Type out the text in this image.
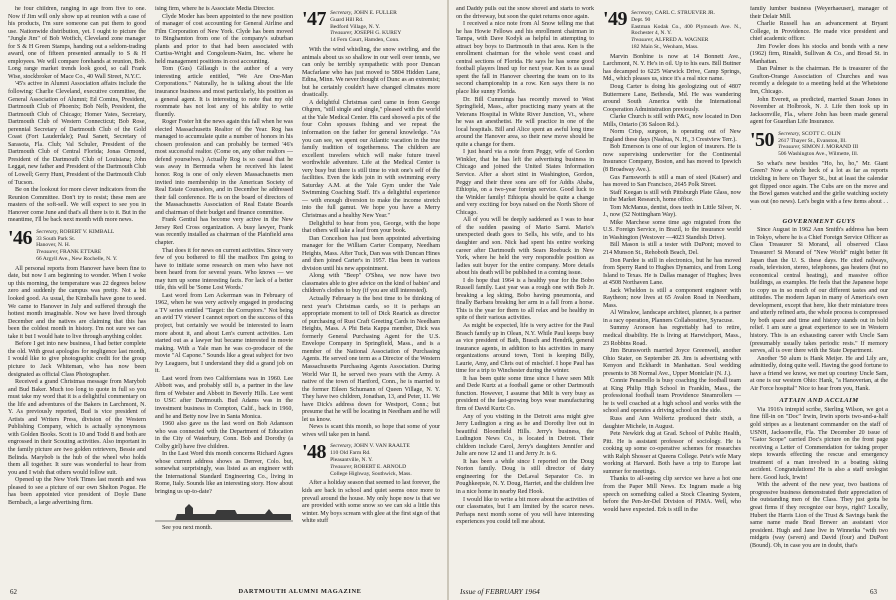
he four children, ranging in age from five to one. Now if Jim will only show up at reunion with a case of his products, I'm sure someone can put them to good use. Nationwide distribution, yet. I ought to picture the "Jungle Jim" of Bob Wotfich, Cleveland zone manager for S & H Green Stamps, handing out a seldom-trading award, one of fifteen presented annually to S & H employees. We will compare forehands at reunion, Bob. Long range market trends look good, so call Frank Wise, stockbroker of Mace Co., 40 Wall Street, N.Y.C.

'45's active in Alumni Association affairs include the following: Charlie Cleveland, executive committee, the General Association of Alumni; Ed Comins, President, Dartmouth Club of Phoenix; Bob Nelb, President, the Dartmouth Club of Chicago; Homer Yates, Secretary, Dartmouth Club of Western Connecticut; Bob Rose, perennial Secretary of Dartmouth Club of the Gold Coast (Fort Lauderdale); Paul Sanett, Secretary of Sarasota, Fla. Club; Val Schuler, President of the Dartmouth Club of Central Florida; Jonas Ormond, President of the Dartmouth Club of Louisiana; John Leggat, new father and President of the Dartmouth Club of Lowell; Gerry Hunt, President of the Dartmouth Club of Tucson.

Be on the lookout for more clever indicators from the Reunion Committee. Don't try to resist; these men are masters of the soft-sell. We will expect to see you in Hanover come June and that's all there is to it. But in the meantime, I'll be back next month with more news.

'46 Secretary, ROBERT V. KIMBALL
33 South Park St.
Hanover, N. H.
Treasurer, FRANK ETTARE
66 Argyll Ave., New Rochelle, N. Y.

All personal reports from Hanover have been fine to date, but now I am beginning to wonder. When I woke up this morning, the temperature was 22 degrees below zero and suddenly the campus was pretty. Not a bit looked good. As usual, the Kimballs have gone to seed. We came to Hanover in July and suffered through the hottest month imaginable. Now we have lived through December and the natives are claiming that this has been the coldest month in history. I'm not sure we can take it but I would hate to live through anything colder.

Before I get into new business, I had better complete the old. With great apologies for negligence last month, I would like to give photographic credit for the group picture to Jack Whiteman, who has now been designated as official Class Photographer.

Received a grand Christmas message from Marybob and Bud Baker. Much too long to quote in full so you must take my word that it is a delightful commentary on the life and adventures of the Bakers in Larchmont, N. Y. As previously reported, Bud is vice president of Artists and Writers Press, division of the Western Publishing Company, which is actually synonymous with Golden Books. Scott is 10 and Todd 8 and both are engrossed in their Scouting activities. Also important in the family picture are two golden retrievers, Bessie and Belinda. Marybob is the hub of the wheel who holds them all together. It sure was wonderful to hear from you and I wish that others would follow suit.

Opened up the New York Times last month and was pleased to see a picture of our own Shelton Pogue. He has been appointed vice president of Doyle Dane Bernbach, a large advertising firm.

ising firm, where he is Associate Media Director.

Clyde Moder has been appointed to the new position of manager of cost accounting for General Airline and Film Corporation of New York. Clyde has been moved to Binghamton from one of the company's suburban plants and prior to that had been associated with Curtiss-Wright and Congoleum-Nairn, Inc. where he held management positions in cost accounting.

Tom (Gus) Gillaugh is the author of a very interesting article entitled, "We Are One-Man Corporations." Naturally, he is talking about the life insurance business and most particularly, his position as a general agent. It is interesting to note that my old roommate has not lost any of his ability to write fluently.

Roger Foster hit the news again this fall when he was elected Massachusetts Realtor of the Year. Rog has managed to accumulate quite a number of honors in his chosen profession and can probably be termed '46's most successful realtor. (Come on, any other realtors — defend yourselves.) Actually Rog is so casual that he was away in Bermuda when he received his latest honor. Rog is one of only eleven Massachusetts men invited into membership in the American Society of Real Estate Counselors, and in December he addressed their fall conference. He is on the board of directors of the Massachusetts Association of Real Estate Boards and chairman of their budget and finance committee.

Frank Gentiul has become very active in the New Jersey Red Cross organization. A busy lawyer, Frank was recently installed as chairman of the Plainfield area chapter.

That does it for news on current activities. Since very few of you bothered to fill the mailbox I'm going to have to initiate some research on men who have not been heard from for several years. Who knows — we may turn up some interesting facts. For lack of a better title, this will be 'Some Lost Words.'

Last word from Len Ackerman was in February of 1962, when he was very actively engaged in producing a TV series entitled "Target: the Corruptors." Not being an avid TV viewer I cannot report on the success of this project, but certainly we would be interested to learn more about it, and about Len's current activities. Len started out as a lawyer but became interested in movie making. With a Yale man he was co-producer of the movie "Al Capone." Sounds like a great subject for two Ivy Leaguers, but I understand they did a grand job on it.

Last word from two Californians was in 1960. Lee Abbott was, and probably still is, a partner in the law firm of Webster and Abbott in Beverly Hills. Lee went to USC after Dartmouth. Bud Adams was in the investment business in Compton, Calif., back in 1960, and he and Betty now live in Santa Monica.

1960 also gave us the last word on Bob Adamson who was connected with the Department of Education in the City of Waterbury, Conn. Bob and Dorothy (a Colby girl) have five children.

In the Last Word this month concerns Richard Agnes whose current address shows as Denver, Colo. but, somewhat surprisingly, was listed as an engineer with the International Standard Engineering Co., living in Rome, Italy. Sounds like an interesting story. How about bringing us up-to-date?

See you next month.

'47 Secretary, JOHN E. FULLER
Guard Hill Rd.
Bedford Village, N. Y.
Treasurer, JOSEPH G. KUREY
14 Fern Court, Hamden, Conn.

With the wind whistling, the snow swirling, and the animals about us so shallow in our well over tennis, we can only be terribly sympathetic with poor Duncan Macfarlane who has just moved to 5804 Hidden Lane, Edina, Minn. We never thought of Dunc as an extremist; but he certainly couldn't have changed climates more drastically.

A delightful Christmas card came in from George Ohgren, "still single and single," pleased with the world at the Yale Medical Center. His card showed a pix of the four Cohn spouses fishing and we repeat the information on the father for general knowledge. "As you can see, we spent our Atlantic vacation in the true family tradition of togetherness. The children are excellent travelers which will make future travel worthwhile adventure. Life at the Medical Center is very busy but there is still time to visit one's self of the facilities. Even the kids join in with swimming every Saturday A.M. at the Yale Gym under the Yale Swimming Coaching Staff. It's a delightful experience — with enough diversion to make the income stretch into the full gamut. We hope you have a Merry Christmas and a healthy New Year."

Delightful to hear from you, George, with the hope that others will take a leaf from your book.

Dan Concelson has just been appointed advertising manager for the William Carter Company, Needham Heights, Mass. After Tuck, Dan was with Duncan Hines and then joined Carter's in 1957. Has been in various division until his new appointment.

Along with "Beep" O'Shea, we now have two classmates able to give advice on the kind of babies' and children's clothes to buy (if you are still interested).

Actually February is the best time to be thinking of next year's Christmas cards, so it is perhaps an appropriate moment to tell of Dick Rearick as director of purchasing of Rust Craft Greeting Cards in Needham Heights, Mass. A Phi Beta Kappa member, Dick was formerly General Purchasing Agent for the U.S. Envelope Company in Springfield, Mass., and is a member of the National Association of Purchasing Agents. He served one term as a Director of the Western Massachusetts Purchasing Agents Association. During World War II, he served two years with the Army. A native of the town of Hartford, Conn., he is married to the former Eileen Schumann of Queen Village, N. Y. They have two children, Jonathan, 13, and Peter, 11. We have Dick's address down for Westport, Conn.; but presume that he will be locating in Needham and he will let us know.

News is scant this month, so hope that some of your wives will take pen in hand.

'48 Secretary, JOHN V. VAN RAALTE
110 Old Farm Rd.
Pleasantville, N. Y.
Treasurer, ROBERT E. ARNOLD
College Highway, Southwick, Mass.

After a holiday season that seemed to last forever, the kids are back in school and quiet seems once more to prevail around the house. My only hope now is that we are provided with some snow so we can ski a little this winter. My boys scream with glee at the first sign of that white stuff

62	DARTMOUTH ALUMNI MAGAZINE

and Daddy pulls out the snow shovel and starts to work on the driveway, but soon the quiet returns once again.

I received a nice note from Al Snow telling me that he has Howie Fellows and his enrollment chairman in Tampa, with Dave Kodyk as helpful in attempting to attract boy boys to Dartmouth in that area. Ken is the enrollment chairman for the whole west coast and central sections of Florida. He says he has some good football players lined up for next year. Ken is as usual spent the fall in Hanover cheering the team on to its second championship in a row. Ken says there is no place like sunny Florida.

Dr. Bill Cummings has recently moved to West Springfield, Mass., after practicing many years at the Veterans Hospital in White River Junction, Vt., where he was an anesthetist. He will practice in one of the local hospitals. Bill and Alice spent an awful long time around the Hanover area, so their new move should be quite a change for them.

I just heard via a note from Peggy, wife of Gordon Winkler, that he has left the advertising business in Chicago and joined the United States Information Service. After a short stint in Washington, Gordon, Peggy and their three sons are off for Addis Ababa, Ethiopia, on a two-year foreign service. Good luck to the Winkler family! Ethiopia should be quite a change and very exciting for boys raised on the North Shore of Chicago.

All of you will be deeply saddened as I was to hear of the sudden passing of Mario Sarni. Mario's unexpected death goes to Sells, his wife, and to his daughter and son. Nick had spent his entire working career after Dartmouth with Sears Roebuck in New York, where he held the very responsible position as ladies suit buyer for the entire company. More details about his death will be published in a coming issue.

I do hope that 1964 is a healthy year for the Bobo Russell family. Last year was a rough one with Bob Jr. breaking a leg skiing, Bobo having pneumonia, and finally Barbara breaking her arm in a fall from a horse. This is the year for them to all relax and be healthy in spite of their various activities.

As might be expected, life is very active for the Paul Brasch family up in Olean, N.Y. While Paul keeps busy as vice president of Bath, Brasch and Hendrik, general insurance agents, in addition to his activities in many organizations around town, Toni is keeping Billy, Laurie, Amy, and Chris out of mischief. I hope Paul has time for a trip to Winchester during the winter.

It has been quite some time since I have seen Milt and Dede Kurtz at a football game or other Dartmouth function. However, I assume that Milt is very busy as president of the fast-growing boys wear manufacturing firm of David Kurtz Co.

Any of you visiting in the Detroit area might give Jerry Ludington a ring as he and Dorothy live out in beautiful Bloomfield Hills. Jerry's business, the Ludington News Co., is located in Detroit. Their children include Carol, Jerry's daughters Jennifer and Julie are now 12 and 11 and Jerry Jr. is 6.

It has been a while since I reported on the Doug Norton family. Doug is still director of dairy engineering for the DeLaval Separator Co. in Poughkeepsie, N. Y. Doug, Harriet, and the children live in a nice home in nearby Red Hook.

I would like to write a bit more about the activities of our classmates, but I am limited by the scarce news. Perhaps next month some of you will have interesting experiences you could tell me about.

'49 Secretary, CARL C. STRUEVER JR.
Dept. 90
Eastman Kodak Co., 400 Plymouth Ave. N., Rochester 4, N. Y.
Treasurer, ALFRED A. WAGNER
182 Main St., Wenham, Mass.

Marvin Bonbine is now at 14 Bonnett Ave., Larchmont, N. Y. He's in oil. Up to his ears. Bill Buttner has decamped to 6225 Warwick Drive, Camp Springs, Md., which pleases us, since it's a real nice name.

Doug Carter is doing his geologizing out of 4807 Buttermere Lane, Bethesda, Md. He was wandering around South America with the International Cooperation Administration previously.

Clarke Church is still with P&G, now located in Don Mills, Ontario (36 Saloon Rd.).

Norm Crisp, surgeon, is operating out of New England these days (Nashua, N. H., 3 Crestview Terr.).

Bob Emerson is one of our legion of insurers. He is now supervising underwriter for the Continental Insurance Company, Boston, and has moved to Ipswich (8 Broadway Ave.).

Gus Farnsworth is still a man of steel (Kaiser) and has moved to San Francisco, 2645 Polk Street.

Staff Keegan is still with Pittsburgh Plate Glass, now in the Market Research, home office.

Tom McManus, dentist, does teeth in Little Silver, N. J., now (52 Nottingham Way).

Mike Marchese some time ago migrated from the U.S. Foreign Service, in Brazil, to the insurance world in Washington (Westover —4023 Standish Drive).

Bill Mason is still a tester with DuPont; moved to 214 Munson St., Rehoboth Beach, Del.

Don Pardee is still in electronics, but he has moved from Sperry Rand to Hughes Dynamics, and from Long Island to Texas. He is Dallas manager of Hughes; lives at 4508 Northaven Lane.

Jack Wheldon is still a component engineer with Raytheon; now lives at 65 Avalon Road in Needham, Mass.

Al Winslow, landscape architect, planner, is a partner in a racy operation, Planners Collaborative, Syracuse.

Summy Aronson has regrettably had to retire, medical disability. He is living at Harwichport, Mass., 23 Robbins Road.

Jim Brunsworth married Joyce Greenwell, another Ohio Stater, on September 28. Jim is advertising with Kenyon and Eckhardt in Manhattan. Soul wedding presents to 38 Normal Ave., Upper Montclair (N. J.).

Connie Penarrello is busy coaching the football team at King Philip High School in Franklin, Mass., the professional football team Providence Steamrollers — he is well coached at a high school and works with the school and operates a driving school on the side.

Russ and Ann Wolfertz produced their sixth, a daughter Michele, in August.

Pete Newkirk dug at Grad. School of Public Health, Pitt. He is assistant professor of sociology. He is cooking up some co-operative schemes for researches with Ralph Shosser at Queens College. Pete's wife Mary working at Harvard. Both have a trip to Europe last summer for meetings.

Thanks to all-seeing clip service we have a hot one from the Paper Mill News. Ex Ingram made a big speech on something called a Stock Cleaning System, before the Pen-Jer-Del Division of PIMA. Well, who would have expected. Erk is still in the

family lumber business (Weyerhaeuser), manager of their Delair Mill.

Charlie Russell has an advancement at Bryant College, in Providence. He made vice president and chief academic officer.

Jim Fowler does his stocks and bonds with a new (1962) firm, Rinaldi, Sullivan & Co., and Broad St. in Manhattan.

Dan Palmer is the chairman. He is treasurer of the Grafton-Orange Association of Churches and was recently a delegate to a meeting held at the Whetstone Inn, Chicago.

John Everett, as predicted, married Susan Jones in November at Holbrook, N. J. Life then took up in Jacksonville, Fla., where John has been made general agent for Guardian Life Insurance.

'50 Secretary, SCOTT C. OLIN
2617 Thayer St., Evanston, Ill.
Treasurer, SIMON J. MORAND III
506 Washington Ave., Wilmette, Ill.

So what's new besides "Ho, ho, ho," Mr. Giant Green? Now a whole heck of a lot as far as reports trickling in here on Thayer St., but at least the calendar got flipped once again. The Cubs are on the move and the Bowl games watched and the girlie watching society was out (no news). Let's begin with a few items about . . .

GOVERNMENT GUYS

Since August in 1962 Ann Smith's address has been in Tokyo, where he is a Chief Foreign Service Officer as Class Treasurer Si Morand, all observed Class Treasurer! Si Morand of "New World" might better fit Japan than the U. S. these days. He cited railways, roads, television, stereo, telephones, gas heaters (but no economical central heating), and massive office buildings, as examples. He feels that the Japanese hope to copy us in so much of our different tastes and our attitudes. The modern Japan in many of America's own development, except that here, like their miniature trees and utterly refined arts, the whole process is compressed by both space and time and history stands out in bold relief. I am sure a great experience to see in Western history. This is an exhausting career with Uncle Sam (presumably usually takes periodic rests." If memory serves, all is over there with the State Department.

Another '50 alum is Hank Meijer. He and Lily are, admittedly, doing quite well. Having the good fortune to have a friend we know, we met up courtesy Uncle Sam, at one is our western Ohio: Hank, "a Hanoverian, at the Air Force hospital" Nice to hear from you, Hank.

ATTAIN AND ACCLAIM

Via 1916's intrepid scribe, Sterling Wilson, we got a fine fill-in on "Doc" Irwin, Irwin sports two-and-a-half gold stripes as a lieutenant commander on the staff of USNH, Jacksonville, Fla. The December 20 issue of "Gator Scope" carried Doc's picture on the front page receiving a Letter of Commendation for taking proper steps towards effecting the rescue and emergency treatment of a man involved in a boating skiing accident. Congratulations! He is also a staff urologist here. Good luck, Irwin!

With the advent of the new year, two bastions of progressive business demonstrated their appreciation of the outstanding men of the Class. They just gotta be great firms if they recognize our boys, right? Locally, Hubert the Harris Lion of the Trust & Savings bank the same name made Brad Brewer an assistant vice president. Hugh and Jane live in Winnetka "with two midgets (way (seven) and David (four) and DuPont (Bound). Oh, in case you are in doubt, that's

Issue of FEBRUARY 1964	63
